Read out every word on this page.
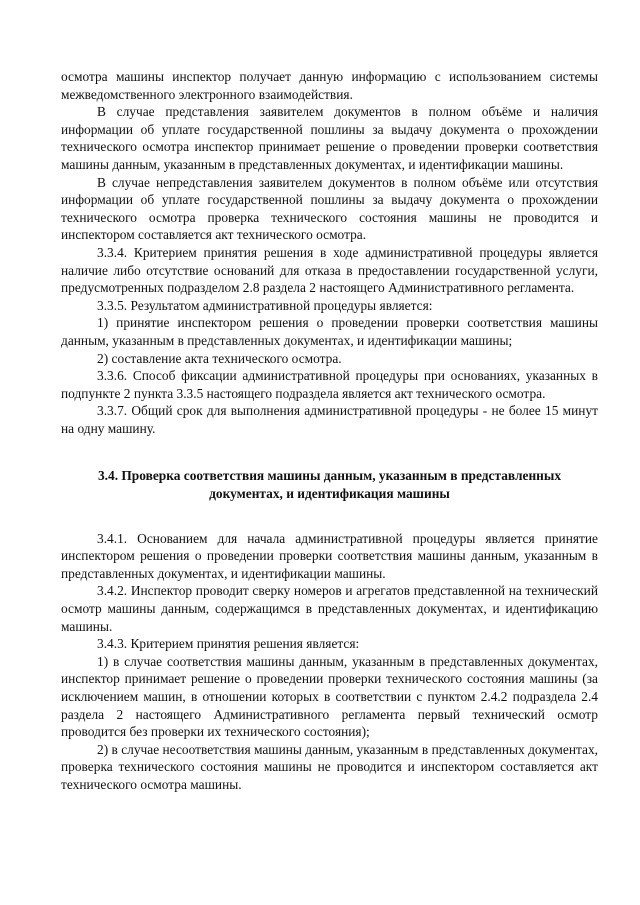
осмотра машины инспектор получает данную информацию с использованием системы межведомственного электронного взаимодействия.

В случае представления заявителем документов в полном объёме и наличия информации об уплате государственной пошлины за выдачу документа о прохождении технического осмотра инспектор принимает решение о проведении проверки соответствия машины данным, указанным в представленных документах, и идентификации машины.

В случае непредставления заявителем документов в полном объёме или отсутствия информации об уплате государственной пошлины за выдачу документа о прохождении технического осмотра проверка технического состояния машины не проводится и инспектором составляется акт технического осмотра.

3.3.4. Критерием принятия решения в ходе административной процедуры является наличие либо отсутствие оснований для отказа в предоставлении государственной услуги, предусмотренных подразделом 2.8 раздела 2 настоящего Административного регламента.

3.3.5. Результатом административной процедуры является:

1) принятие инспектором решения о проведении проверки соответствия машины данным, указанным в представленных документах, и идентификации машины;

2) составление акта технического осмотра.

3.3.6. Способ фиксации административной процедуры при основаниях, указанных в подпункте 2 пункта 3.3.5 настоящего подраздела является акт технического осмотра.

3.3.7. Общий срок для выполнения административной процедуры - не более 15 минут на одну машину.

3.4. Проверка соответствия машины данным, указанным в представленных документах, и идентификация машины

3.4.1. Основанием для начала административной процедуры является принятие инспектором решения о проведении проверки соответствия машины данным, указанным в представленных документах, и идентификации машины.

3.4.2. Инспектор проводит сверку номеров и агрегатов представленной на технический осмотр машины данным, содержащимся в представленных документах, и идентификацию машины.

3.4.3. Критерием принятия решения является:

1) в случае соответствия машины данным, указанным в представленных документах, инспектор принимает решение о проведении проверки технического состояния машины (за исключением машин, в отношении которых в соответствии с пунктом 2.4.2 подраздела 2.4 раздела 2 настоящего Административного регламента первый технический осмотр проводится без проверки их технического состояния);

2) в случае несоответствия машины данным, указанным в представленных документах, проверка технического состояния машины не проводится и инспектором составляется акт технического осмотра машины.
